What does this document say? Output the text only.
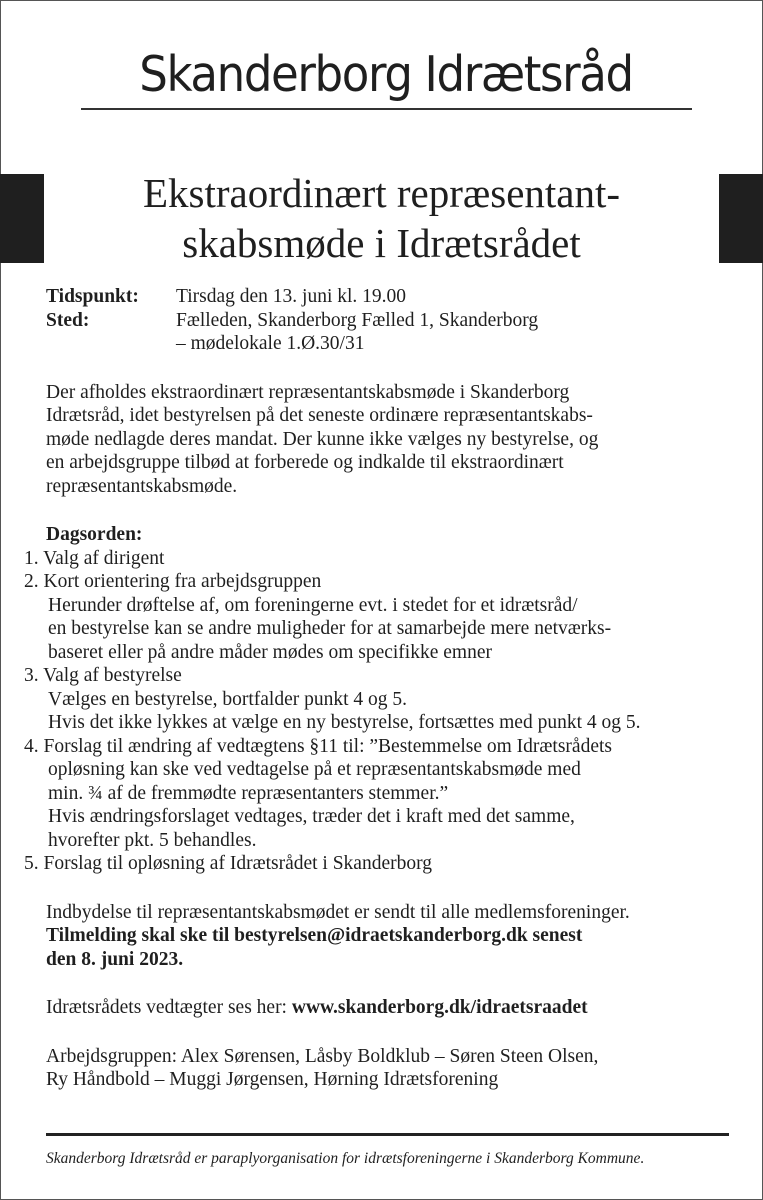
Skanderborg Idrætsråd
Ekstraordinært repræsentant-
skabsmøde i Idrætsrådet
Tidspunkt:	Tirsdag den 13. juni kl. 19.00
Sted:	Fælleden, Skanderborg Fælled 1, Skanderborg
– mødelokale 1.Ø.30/31
Der afholdes ekstraordinært repræsentantskabsmøde i Skanderborg
Idrætsråd, idet bestyrelsen på det seneste ordinære repræsentantskabs-
møde nedlagde deres mandat. Der kunne ikke vælges ny bestyrelse, og
en arbejdsgruppe tilbød at forberede og indkalde til ekstraordinært
repræsentantskabsmøde.
Dagsorden:
1. Valg af dirigent
2. Kort orientering fra arbejdsgruppen
Herunder drøftelse af, om foreningerne evt. i stedet for et idrætsråd/
en bestyrelse kan se andre muligheder for at samarbejde mere netværks-
baseret eller på andre måder mødes om specifikke emner
3. Valg af bestyrelse
Vælges en bestyrelse, bortfalder punkt 4 og 5.
Hvis det ikke lykkes at vælge en ny bestyrelse, fortsættes med punkt 4 og 5.
4. Forslag til ændring af vedtægtens §11 til: ”Bestemmelse om Idrætsrådets
opløsning kan ske ved vedtagelse på et repræsentantskabsmøde med
min. ¾ af de fremmødte repræsentanters stemmer.”
Hvis ændringsforslaget vedtages, træder det i kraft med det samme,
hvorefter pkt. 5 behandles.
5. Forslag til opløsning af Idrætsrådet i Skanderborg
Indbydelse til repræsentantskabsmødet er sendt til alle medlemsforeninger.
Tilmelding skal ske til bestyrelsen@idraetskanderborg.dk senest
den 8. juni 2023.
Idrætsrådets vedtægter ses her: www.skanderborg.dk/idraetsraadet
Arbejdsgruppen: Alex Sørensen, Låsby Boldklub – Søren Steen Olsen,
Ry Håndbold – Muggi Jørgensen, Hørning Idrætsforening
Skanderborg Idrætsråd er paraplyorganisation for idrætsforeningerne i Skanderborg Kommune.
